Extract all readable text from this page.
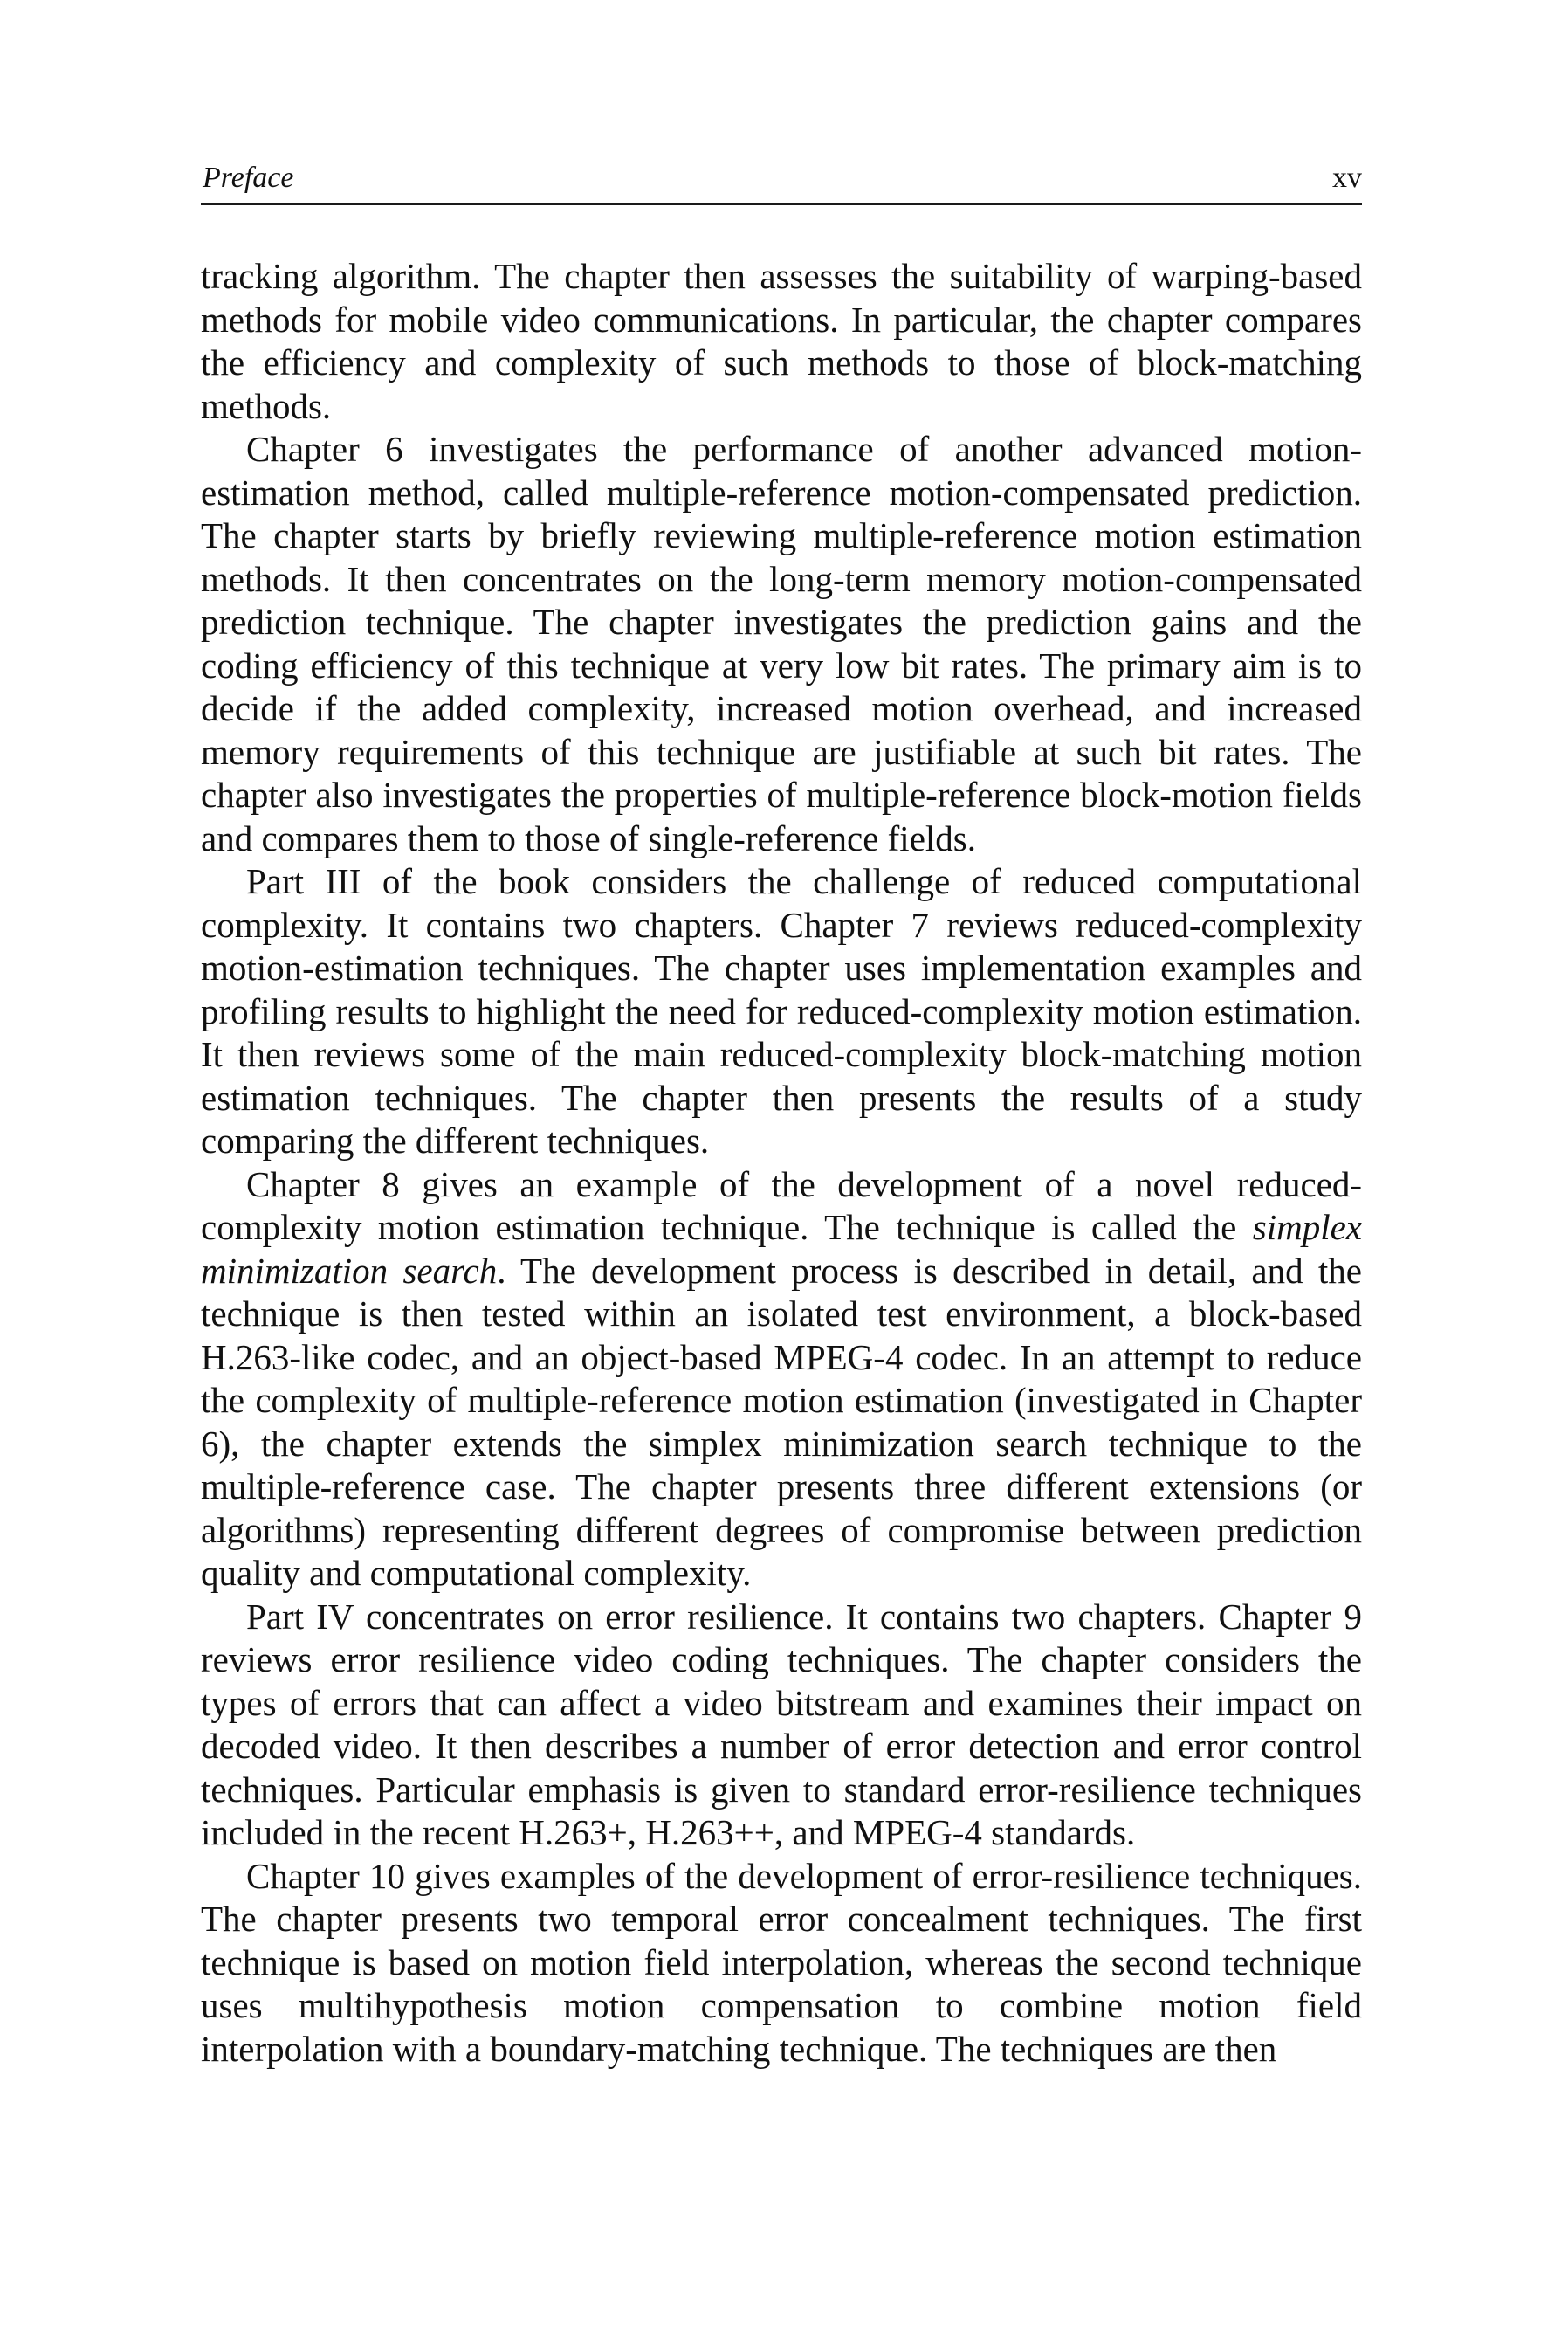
Preface	xv

tracking algorithm. The chapter then assesses the suitability of warping-based methods for mobile video communications. In particular, the chapter compares the efficiency and complexity of such methods to those of block-matching methods.

Chapter 6 investigates the performance of another advanced motion-estimation method, called multiple-reference motion-compensated prediction. The chapter starts by briefly reviewing multiple-reference motion estimation methods. It then concentrates on the long-term memory motion-compensated prediction technique. The chapter investigates the prediction gains and the coding efficiency of this technique at very low bit rates. The primary aim is to decide if the added complexity, increased motion overhead, and increased memory requirements of this technique are justifiable at such bit rates. The chapter also investigates the properties of multiple-reference block-motion fields and compares them to those of single-reference fields.

Part III of the book considers the challenge of reduced computational complexity. It contains two chapters. Chapter 7 reviews reduced-complexity motion-estimation techniques. The chapter uses implementation examples and profiling results to highlight the need for reduced-complexity motion estimation. It then reviews some of the main reduced-complexity block-matching motion estimation techniques. The chapter then presents the results of a study comparing the different techniques.

Chapter 8 gives an example of the development of a novel reduced-complexity motion estimation technique. The technique is called the simplex minimization search. The development process is described in detail, and the technique is then tested within an isolated test environment, a block-based H.263-like codec, and an object-based MPEG-4 codec. In an attempt to reduce the complexity of multiple-reference motion estimation (investigated in Chapter 6), the chapter extends the simplex minimization search technique to the multiple-reference case. The chapter presents three different extensions (or algorithms) representing different degrees of compromise between prediction quality and computational complexity.

Part IV concentrates on error resilience. It contains two chapters. Chapter 9 reviews error resilience video coding techniques. The chapter considers the types of errors that can affect a video bitstream and examines their impact on decoded video. It then describes a number of error detection and error control techniques. Particular emphasis is given to standard error-resilience techniques included in the recent H.263+, H.263++, and MPEG-4 standards.

Chapter 10 gives examples of the development of error-resilience techniques. The chapter presents two temporal error concealment techniques. The first technique is based on motion field interpolation, whereas the second technique uses multihypothesis motion compensation to combine motion field interpolation with a boundary-matching technique. The techniques are then
